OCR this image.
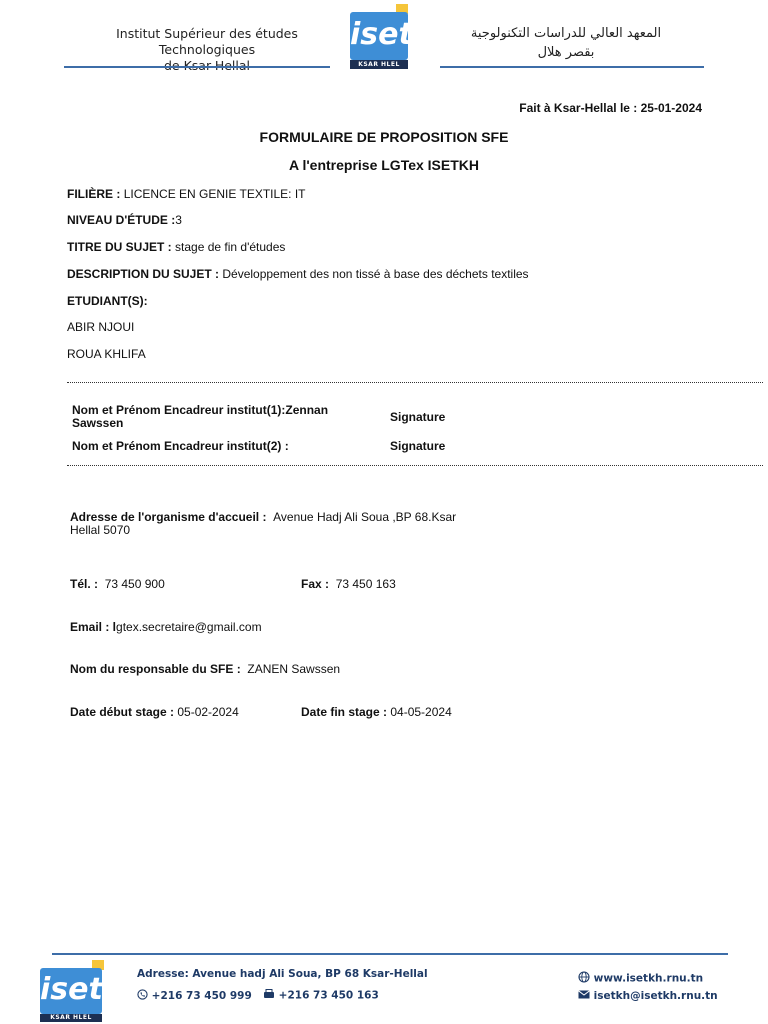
Institut Supérieur des études Technologiques	iset
KSAR HLEL
المعهد العالي للدراسات التكنولوجية
بقصر هلال
Fait à Ksar-Hellal le : 25-01-2024
FORMULAIRE DE PROPOSITION SFE
A l'entreprise LGTex ISETKH
FILIÈRE : LICENCE EN GENIE TEXTILE: IT
NIVEAU D'ÉTUDE :3
TITRE DU SUJET : stage de fin d'études
DESCRIPTION DU SUJET : Développement des non tissé à base des déchets textiles
ETUDIANT(S):
ABIR NJOUI
ROUA KHLIFA
Nom et Prénom Encadreur institut(1):Zennan
Sawssen	Signature
Nom et Prénom Encadreur institut(2) :	Signature
Adresse de l'organisme d'accueil : Avenue Hadj Ali Soua ,BP 68.Ksar
Hellal 5070
Tél. : 73 450 900	Fax : 73 450 163
Email : lgtex.secretaire@gmail.com
Nom du responsable du SFE : ZANEN Sawssen
Date début stage : 05-02-2024	Date fin stage : 04-05-2024
iset
KSAR HLEL
Adresse: Avenue hadj Ali Soua, BP 68 Ksar-Hellal
+216 73 450 999	+216 73 450 163
www.isetkh.rnu.tn
isetkh@isetkh.rnu.tn
